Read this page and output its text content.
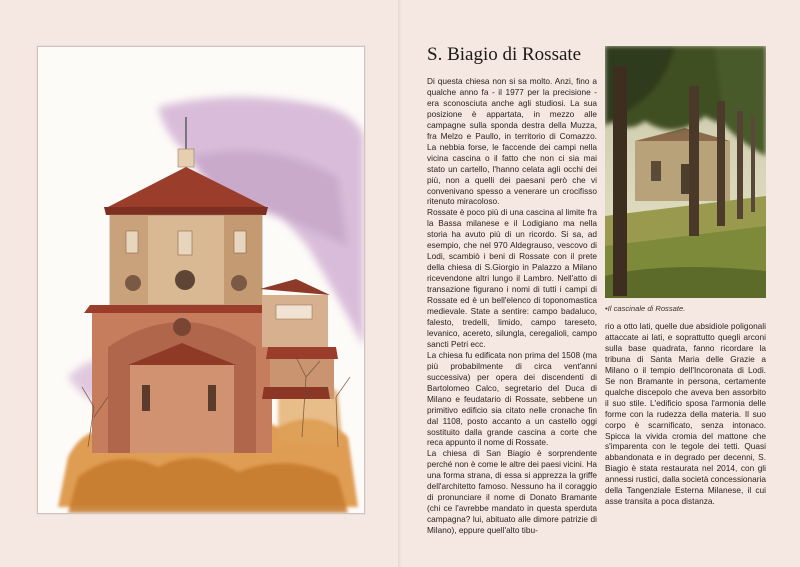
S. Biagio di Rossate

Di questa chiesa non si sa molto. Anzi, fino a qualche anno fa - il 1977 per la precisione - era sconosciuta anche agli studiosi. La sua posizione è appartata, in mezzo alle campagne sulla sponda destra della Muzza, fra Melzo e Paullo, in territorio di Comazzo. La nebbia forse, le faccende dei campi nella vicina cascina o il fatto che non ci sia mai stato un cartello, l'hanno celata agli occhi dei più, non a quelli dei paesani però che vi convenivano spesso a venerare un crocifisso ritenuto miracoloso.

Rossate è poco più di una cascina al limite fra la Bassa milanese e il Lodigiano ma nella storia ha avuto più di un ricordo. Si sa, ad esempio, che nel 970 Aldegrauso, vescovo di Lodi, scambiò i beni di Rossate con il prete della chiesa di S.Giorgio in Palazzo a Milano ricevendone altri lungo il Lambro. Nell'atto di transazione figurano i nomi di tutti i campi di Rossate ed è un bell'elenco di toponomastica medievale. State a sentire: campo badaluco, falesto, tredelli, limido, campo tareseto, levanico, acereto, silungla, ceregalioli, campo sancti Petri ecc.

La chiesa fu edificata non prima del 1508 (ma più probabilmente di circa vent'anni successiva) per opera dei discendenti di Bartolomeo Calco, segretario del Duca di Milano e feudatario di Rossate, sebbene un primitivo edificio sia citato nelle cronache fin dal 1108, posto accanto a un castello oggi sostituito dalla grande cascina a corte che reca appunto il nome di Rossate.

La chiesa di San Biagio è sorprendente perché non è come le altre dei paesi vicini. Ha una forma strana, di essa si apprezza la griffe dell'architetto famoso. Nessuno ha il coraggio di pronunciare il nome di Donato Bramante (chi ce l'avrebbe mandato in questa sperduta campagna? lui, abituato alle dimore patrizie di Milano), eppure quell'alto tibu-

•Il cascinale di Rossate.

rio a otto lati, quelle due absidiole poligonali attaccate ai lati, e soprattutto quegli arconi sulla base quadrata, fanno ricordare la tribuna di Santa Maria delle Grazie a Milano o il tempio dell'Incoronata di Lodi. Se non Bramante in persona, certamente qualche discepolo che aveva ben assorbito il suo stile. L'edificio sposa l'armonia delle forme con la rudezza della materia. Il suo corpo è scarnificato, senza intonaco. Spicca la vivida cromia del mattone che s'imparenta con le tegole dei tetti. Quasi abbandonata e in degrado per decenni, S. Biagio è stata restaurata nel 2014, con gli annessi rustici, dalla società concessionaria della Tangenziale Esterna Milanese, il cui asse transita a poca distanza.
